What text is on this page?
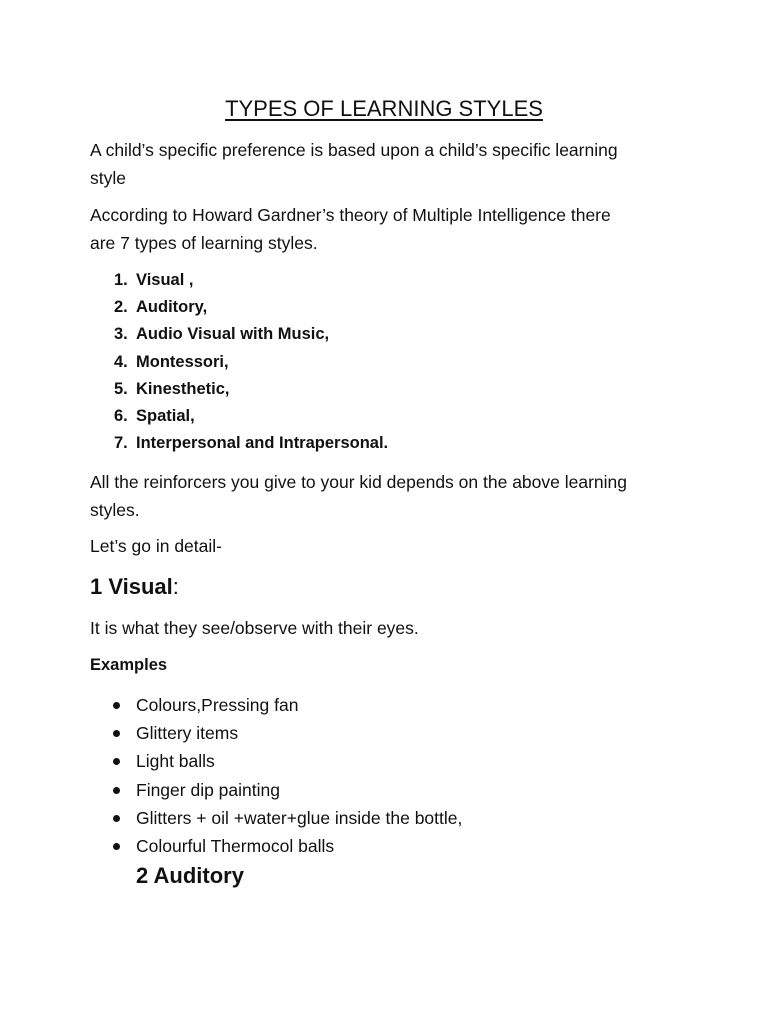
TYPES OF LEARNING STYLES
A child’s specific preference is based upon a child’s specific learning
style
According to Howard Gardner’s theory of Multiple Intelligence there
are 7 types of learning styles.
1. Visual ,
2. Auditory,
3. Audio Visual with Music,
4. Montessori,
5. Kinesthetic,
6. Spatial,
7. Interpersonal and Intrapersonal.
All the reinforcers you give to your kid depends on the above learning
styles.
Let’s go in detail-
1 Visual:
It is what they see/observe with their eyes.
Examples
Colours,Pressing fan
Glittery items
Light balls
Finger dip painting
Glitters + oil +water+glue inside the bottle,
Colourful Thermocol balls
2 Auditory
